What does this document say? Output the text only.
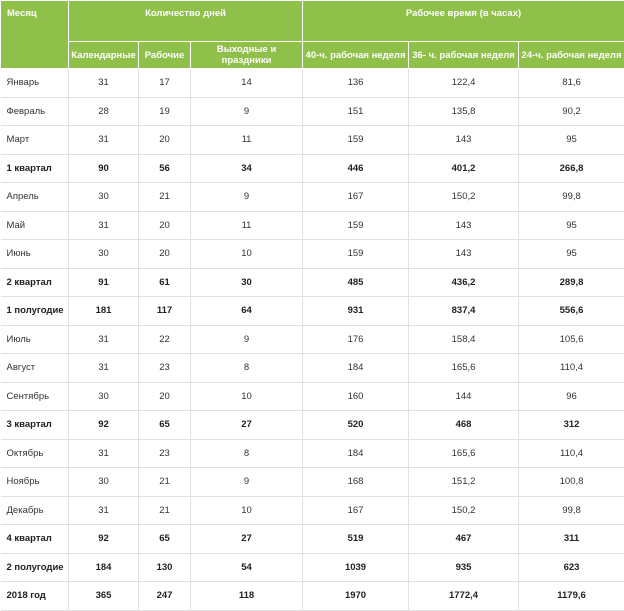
Месяц	Количество дней			Рабочее время (в часах)		
	Календарные	Рабочие	Выходные и праздники	40-ч. рабочая неделя	36- ч. рабочая неделя	24-ч. рабочая неделя
Январь	31	17	14	136	122,4	81,6
Февраль	28	19	9	151	135,8	90,2
Март	31	20	11	159	143	95
1 квартал	90	56	34	446	401,2	266,8
Апрель	30	21	9	167	150,2	99,8
Май	31	20	11	159	143	95
Июнь	30	20	10	159	143	95
2 квартал	91	61	30	485	436,2	289,8
1 полугодие	181	117	64	931	837,4	556,6
Июль	31	22	9	176	158,4	105,6
Август	31	23	8	184	165,6	110,4
Сентябрь	30	20	10	160	144	96
3 квартал	92	65	27	520	468	312
Октябрь	31	23	8	184	165,6	110,4
Ноябрь	30	21	9	168	151,2	100,8
Декабрь	31	21	10	167	150,2	99,8
4 квартал	92	65	27	519	467	311
2 полугодие	184	130	54	1039	935	623
2018 год	365	247	118	1970	1772,4	1179,6
